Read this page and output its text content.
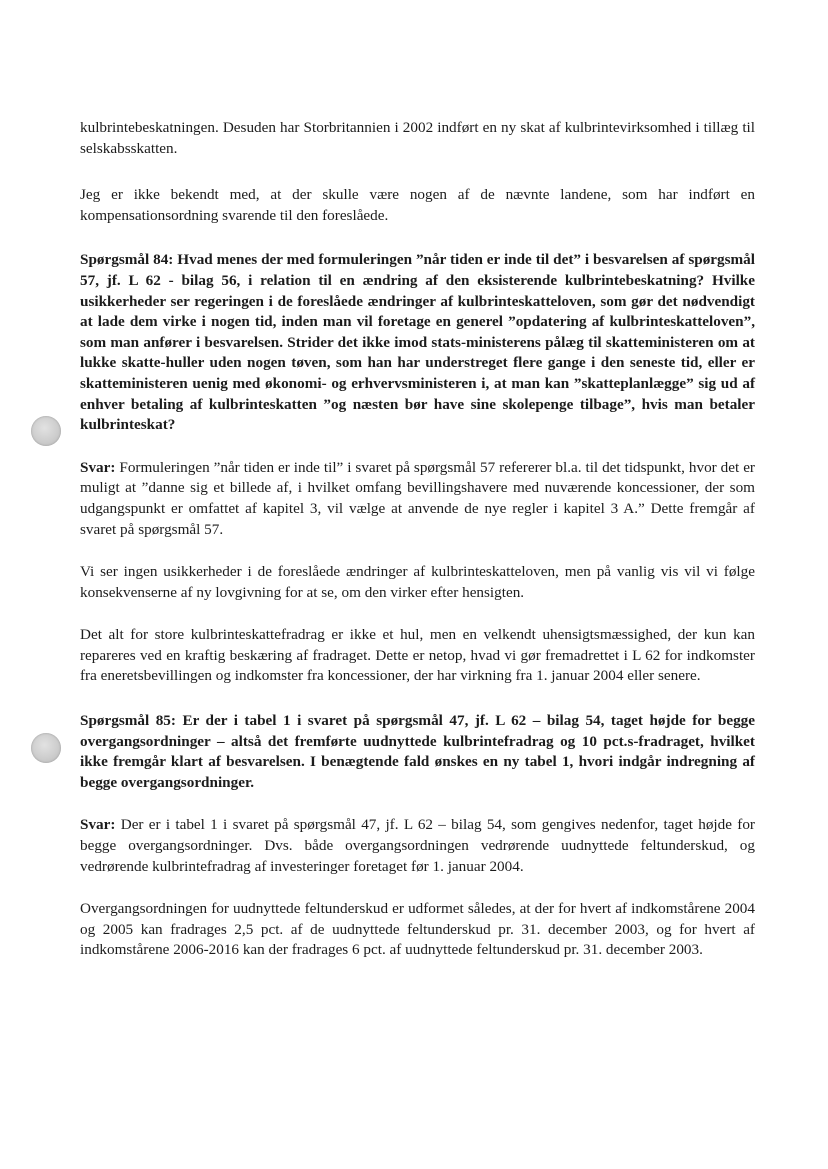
kulbrintebeskatningen. Desuden har Storbritannien i 2002 indført en ny skat af kulbrintevirksomhed i tillæg til selskabsskatten.

Jeg er ikke bekendt med, at der skulle være nogen af de nævnte landene, som har indført en kompensationsordning svarende til den foreslåede.

Spørgsmål 84: Hvad menes der med formuleringen ”når tiden er inde til det” i besvarelsen af spørgsmål 57, jf. L 62 - bilag 56, i relation til en ændring af den eksisterende kulbrintebeskatning? Hvilke usikkerheder ser regeringen i de foreslåede ændringer af kulbrinteskatteloven, som gør det nødvendigt at lade dem virke i nogen tid, inden man vil foretage en generel ”opdatering af kulbrinteskatteloven”, som man anfører i besvarelsen. Strider det ikke imod stats-ministerens pålæg til skatteministeren om at lukke skatte-huller uden nogen tøven, som han har understreget flere gange i den seneste tid, eller er skatteministeren uenig med økonomi- og erhvervsministeren i, at man kan ”skatteplanlægge” sig ud af enhver betaling af kulbrinteskatten ”og næsten bør have sine skolepenge tilbage”, hvis man betaler kulbrinteskat?

Svar: Formuleringen ”når tiden er inde til” i svaret på spørgsmål 57 refererer bl.a. til det tidspunkt, hvor det er muligt at ”danne sig et billede af, i hvilket omfang bevillingshavere med nuværende koncessioner, der som udgangspunkt er omfattet af kapitel 3, vil vælge at anvende de nye regler i kapitel 3 A.” Dette fremgår af svaret på spørgsmål 57.

Vi ser ingen usikkerheder i de foreslåede ændringer af kulbrinteskatteloven, men på vanlig vis vil vi følge konsekvenserne af ny lovgivning for at se, om den virker efter hensigten.

Det alt for store kulbrinteskattefradrag er ikke et hul, men en velkendt uhensigtsmæssighed, der kun kan repareres ved en kraftig beskæring af fradraget. Dette er netop, hvad vi gør fremadrettet i L 62 for indkomster fra eneretsbevillingen og indkomster fra koncessioner, der har virkning fra 1. januar 2004 eller senere.

Spørgsmål 85: Er der i tabel 1 i svaret på spørgsmål 47, jf. L 62 – bilag 54, taget højde for begge overgangsordninger – altså det fremførte uudnyttede kulbrintefradrag og 10 pct.s-fradraget, hvilket ikke fremgår klart af besvarelsen. I benægtende fald ønskes en ny tabel 1, hvori indgår indregning af begge overgangsordninger.

Svar: Der er i tabel 1 i svaret på spørgsmål 47, jf. L 62 – bilag 54, som gengives nedenfor, taget højde for begge overgangsordninger. Dvs. både overgangsordningen vedrørende uudnyttede feltunderskud, og vedrørende kulbrintefradrag af investeringer foretaget før 1. januar 2004.

Overgangsordningen for uudnyttede feltunderskud er udformet således, at der for hvert af indkomstårene 2004 og 2005 kan fradrages 2,5 pct. af de uudnyttede feltunderskud pr. 31. december 2003, og for hvert af indkomstårene 2006-2016 kan der fradrages 6 pct. af uudnyttede feltunderskud pr. 31. december 2003.
